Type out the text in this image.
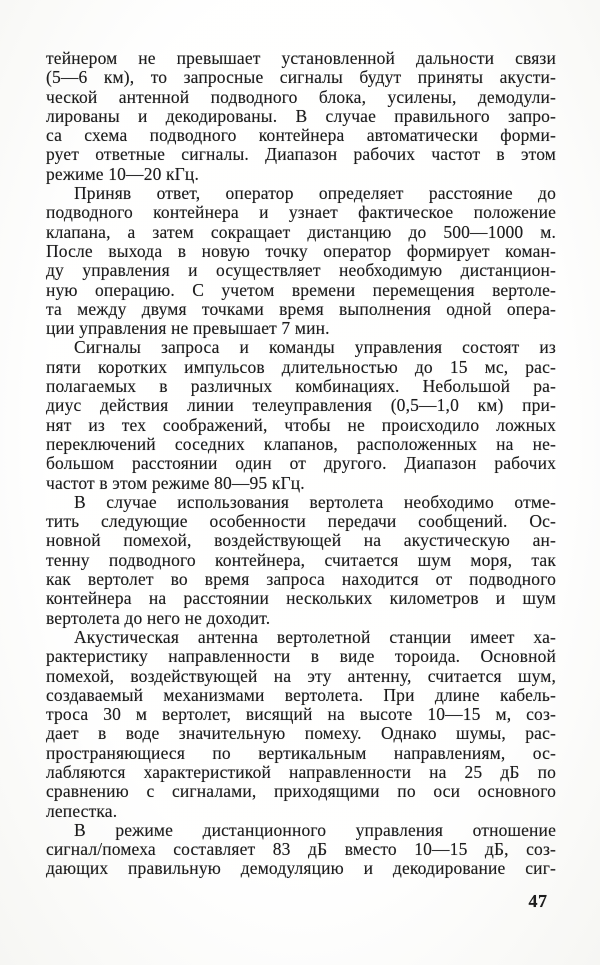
тейнером не превышает установленной дальности связи
(5—6 км), то запросные сигналы будут приняты акусти-
ческой антенной подводного блока, усилены, демодули-
лированы и декодированы. В случае правильного запро-
са схема подводного контейнера автоматически форми-
рует ответные сигналы. Диапазон рабочих частот в этом
режиме 10—20 кГц.
Приняв ответ, оператор определяет расстояние до
подводного контейнера и узнает фактическое положение
клапана, а затем сокращает дистанцию до 500—1000 м.
После выхода в новую точку оператор формирует коман-
ду управления и осуществляет необходимую дистанцион-
ную операцию. С учетом времени перемещения вертоле-
та между двумя точками время выполнения одной опера-
ции управления не превышает 7 мин.
Сигналы запроса и команды управления состоят из
пяти коротких импульсов длительностью до 15 мс, рас-
полагаемых в различных комбинациях. Небольшой ра-
диус действия линии телеуправления (0,5—1,0 км) при-
нят из тех соображений, чтобы не происходило ложных
переключений соседних клапанов, расположенных на не-
большом расстоянии один от другого. Диапазон рабочих
частот в этом режиме 80—95 кГц.
В случае использования вертолета необходимо отме-
тить следующие особенности передачи сообщений. Ос-
новной помехой, воздействующей на акустическую ан-
тенну подводного контейнера, считается шум моря, так
как вертолет во время запроса находится от подводного
контейнера на расстоянии нескольких километров и шум
вертолета до него не доходит.
Акустическая антенна вертолетной станции имеет ха-
рактеристику направленности в виде тороида. Основной
помехой, воздействующей на эту антенну, считается шум,
создаваемый механизмами вертолета. При длине кабель-
троса 30 м вертолет, висящий на высоте 10—15 м, соз-
дает в воде значительную помеху. Однако шумы, рас-
пространяющиеся по вертикальным направлениям, ос-
лабляются характеристикой направленности на 25 дБ по
сравнению с сигналами, приходящими по оси основного
лепестка.
В режиме дистанционного управления отношение
сигнал/помеха составляет 83 дБ вместо 10—15 дБ, соз-
дающих правильную демодуляцию и декодирование сиг-
47
